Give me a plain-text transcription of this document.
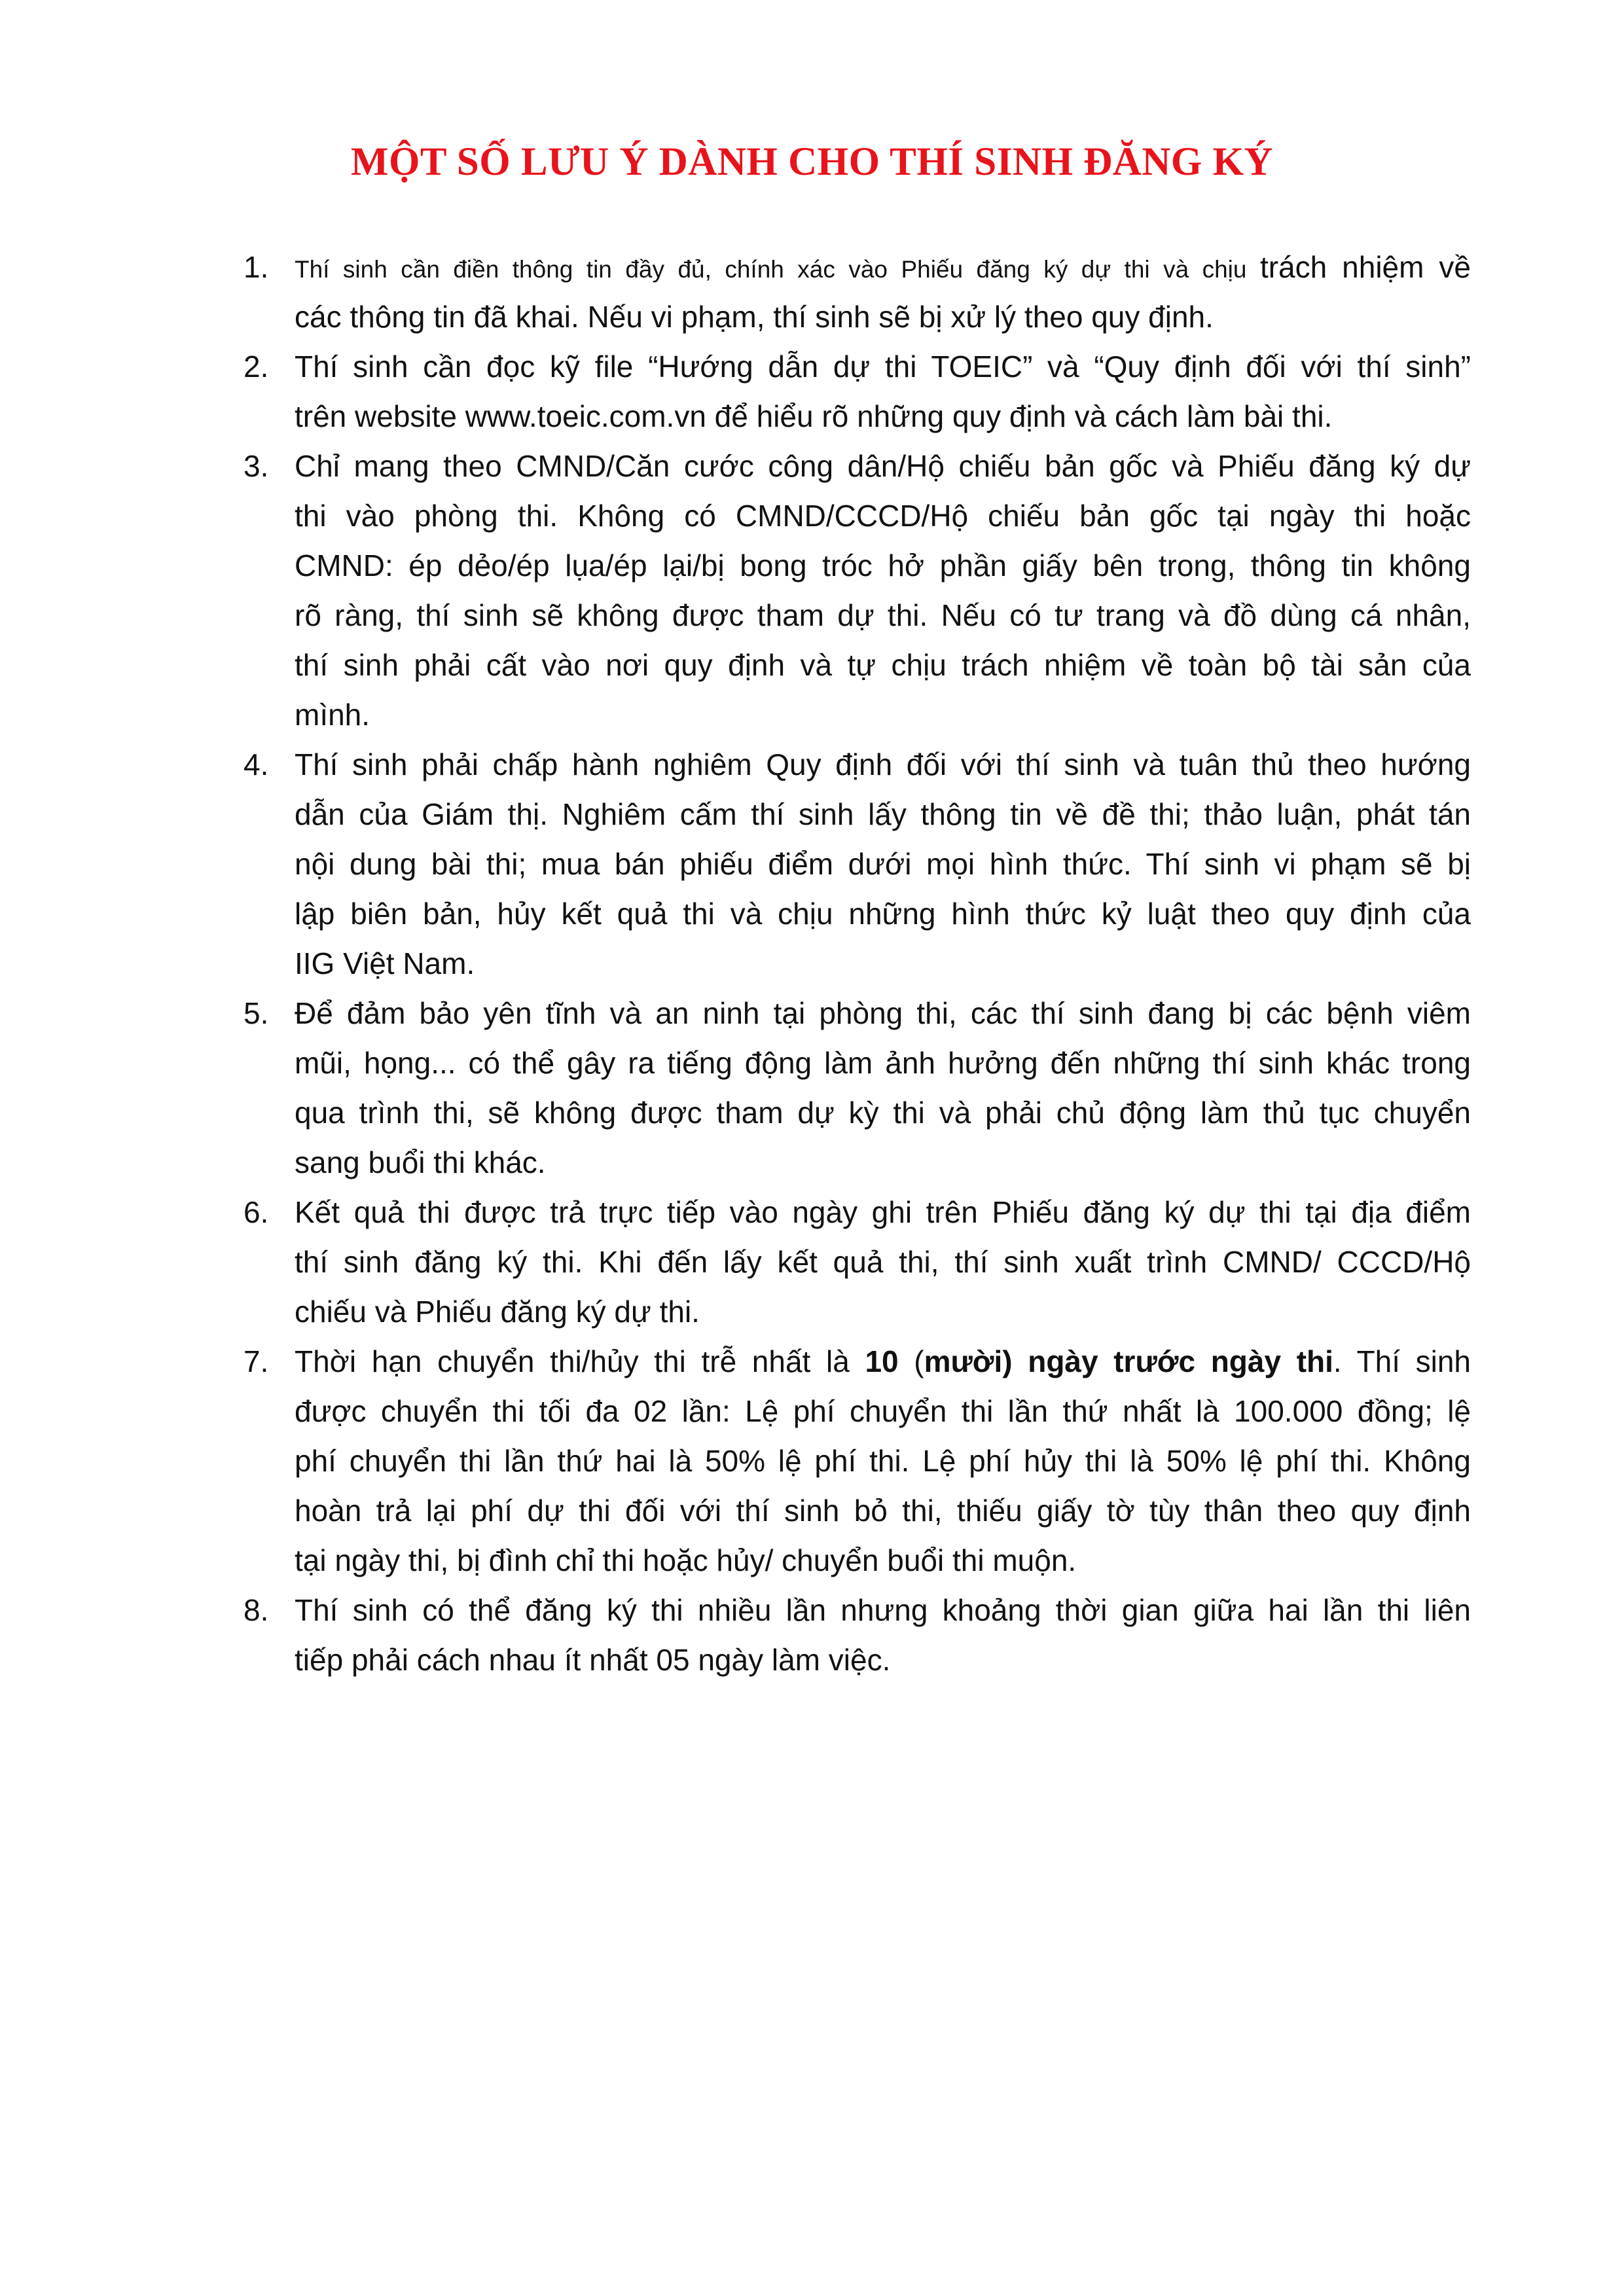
MỘT SỐ LƯU Ý DÀNH CHO THÍ SINH ĐĂNG KÝ
1. Thí sinh cần điền thông tin đầy đủ, chính xác vào Phiếu đăng ký dự thi và chịu trách nhiệm về
các thông tin đã khai. Nếu vi phạm, thí sinh sẽ bị xử lý theo quy định.
2. Thí sinh cần đọc kỹ file “Hướng dẫn dự thi TOEIC” và “Quy định đối với thí sinh”
trên website www.toeic.com.vn để hiểu rõ những quy định và cách làm bài thi.
3. Chỉ mang theo CMND/Căn cước công dân/Hộ chiếu bản gốc và Phiếu đăng ký dự
thi vào phòng thi. Không có CMND/CCCD/Hộ chiếu bản gốc tại ngày thi hoặc
CMND: ép dẻo/ép lụa/ép lại/bị bong tróc hở phần giấy bên trong, thông tin không
rõ ràng, thí sinh sẽ không được tham dự thi. Nếu có tư trang và đồ dùng cá nhân,
thí sinh phải cất vào nơi quy định và tự chịu trách nhiệm về toàn bộ tài sản của
mình.
4. Thí sinh phải chấp hành nghiêm Quy định đối với thí sinh và tuân thủ theo hướng
dẫn của Giám thị. Nghiêm cấm thí sinh lấy thông tin về đề thi; thảo luận, phát tán
nội dung bài thi; mua bán phiếu điểm dưới mọi hình thức. Thí sinh vi phạm sẽ bị
lập biên bản, hủy kết quả thi và chịu những hình thức kỷ luật theo quy định của
IIG Việt Nam.
5. Để đảm bảo yên tĩnh và an ninh tại phòng thi, các thí sinh đang bị các bệnh viêm
mũi, họng... có thể gây ra tiếng động làm ảnh hưởng đến những thí sinh khác trong
qua trình thi, sẽ không được tham dự kỳ thi và phải chủ động làm thủ tục chuyển
sang buổi thi khác.
6. Kết quả thi được trả trực tiếp vào ngày ghi trên Phiếu đăng ký dự thi tại địa điểm
thí sinh đăng ký thi. Khi đến lấy kết quả thi, thí sinh xuất trình CMND/ CCCD/Hộ
chiếu và Phiếu đăng ký dự thi.
7. Thời hạn chuyển thi/hủy thi trễ nhất là 10 (mười) ngày trước ngày thi. Thí sinh
được chuyển thi tối đa 02 lần: Lệ phí chuyển thi lần thứ nhất là 100.000 đồng; lệ
phí chuyển thi lần thứ hai là 50% lệ phí thi. Lệ phí hủy thi là 50% lệ phí thi. Không
hoàn trả lại phí dự thi đối với thí sinh bỏ thi, thiếu giấy tờ tùy thân theo quy định
tại ngày thi, bị đình chỉ thi hoặc hủy/ chuyển buổi thi muộn.
8. Thí sinh có thể đăng ký thi nhiều lần nhưng khoảng thời gian giữa hai lần thi liên
tiếp phải cách nhau ít nhất 05 ngày làm việc.
